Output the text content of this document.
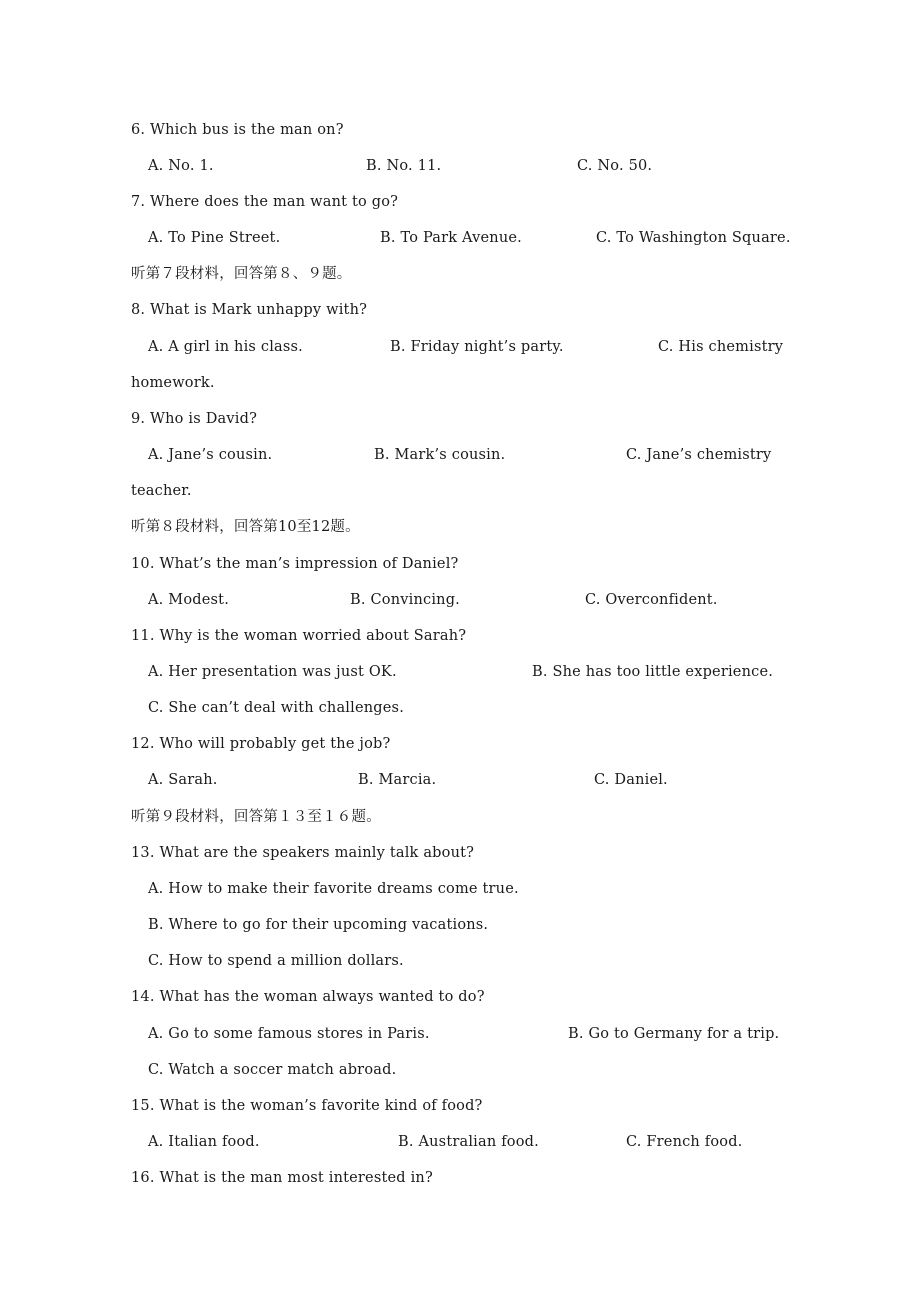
6. Which bus is the man on?
A. No. 1.	B. No. 11.	C. No. 50.
7. Where does the man want to go?
A. To Pine Street.	B. To Park Avenue.	C. To Washington Square.
听第７段材料，回答第８、９题。
8. What is Mark unhappy with?
A. A girl in his class.	B. Friday night’s party.	C. His chemistry
homework.
9. Who is David?
A. Jane’s cousin.	B. Mark’s cousin.	C. Jane’s chemistry
teacher.
听第８段材料，回答第10至12题。
10. What’s the man’s impression of Daniel?
A. Modest.	B. Convincing.	C. Overconfident.
11. Why is the woman worried about Sarah?
A. Her presentation was just OK.	B. She has too little experience.
C. She can’t deal with challenges.
12. Who will probably get the job?
A. Sarah.	B. Marcia.	C. Daniel.
听第９段材料，回答第１３至１６题。
13. What are the speakers mainly talk about?
A. How to make their favorite dreams come true.
B. Where to go for their upcoming vacations.
C. How to spend a million dollars.
14. What has the woman always wanted to do?
A. Go to some famous stores in Paris.	B. Go to Germany for a trip.
C. Watch a soccer match abroad.
15. What is the woman’s favorite kind of food?
A. Italian food.	B. Australian food.	C. French food.
16. What is the man most interested in?
